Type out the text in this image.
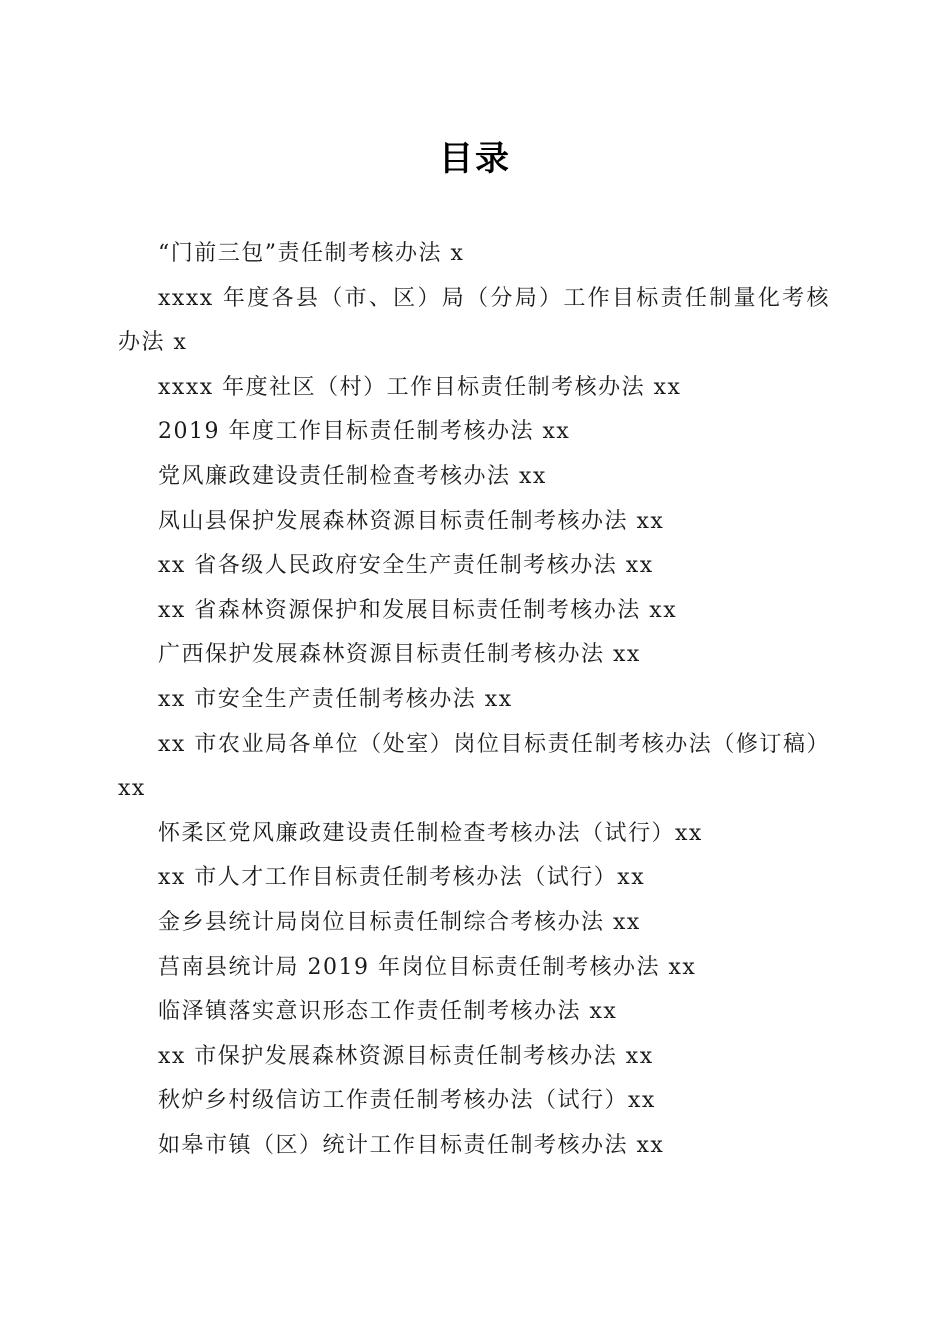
目录
“门前三包”责任制考核办法 x
xxxx 年度各县（市、区）局（分局）工作目标责任制量化考核办法 x
xxxx 年度社区（村）工作目标责任制考核办法 xx
2019 年度工作目标责任制考核办法 xx
党风廉政建设责任制检查考核办法 xx
凤山县保护发展森林资源目标责任制考核办法 xx
xx 省各级人民政府安全生产责任制考核办法 xx
xx 省森林资源保护和发展目标责任制考核办法 xx
广西保护发展森林资源目标责任制考核办法 xx
xx 市安全生产责任制考核办法 xx
xx 市农业局各单位（处室）岗位目标责任制考核办法（修订稿）xx
怀柔区党风廉政建设责任制检查考核办法（试行）xx
xx 市人才工作目标责任制考核办法（试行）xx
金乡县统计局岗位目标责任制综合考核办法 xx
莒南县统计局 2019 年岗位目标责任制考核办法 xx
临泽镇落实意识形态工作责任制考核办法 xx
xx 市保护发展森林资源目标责任制考核办法 xx
秋炉乡村级信访工作责任制考核办法（试行）xx
如皋市镇（区）统计工作目标责任制考核办法 xx
